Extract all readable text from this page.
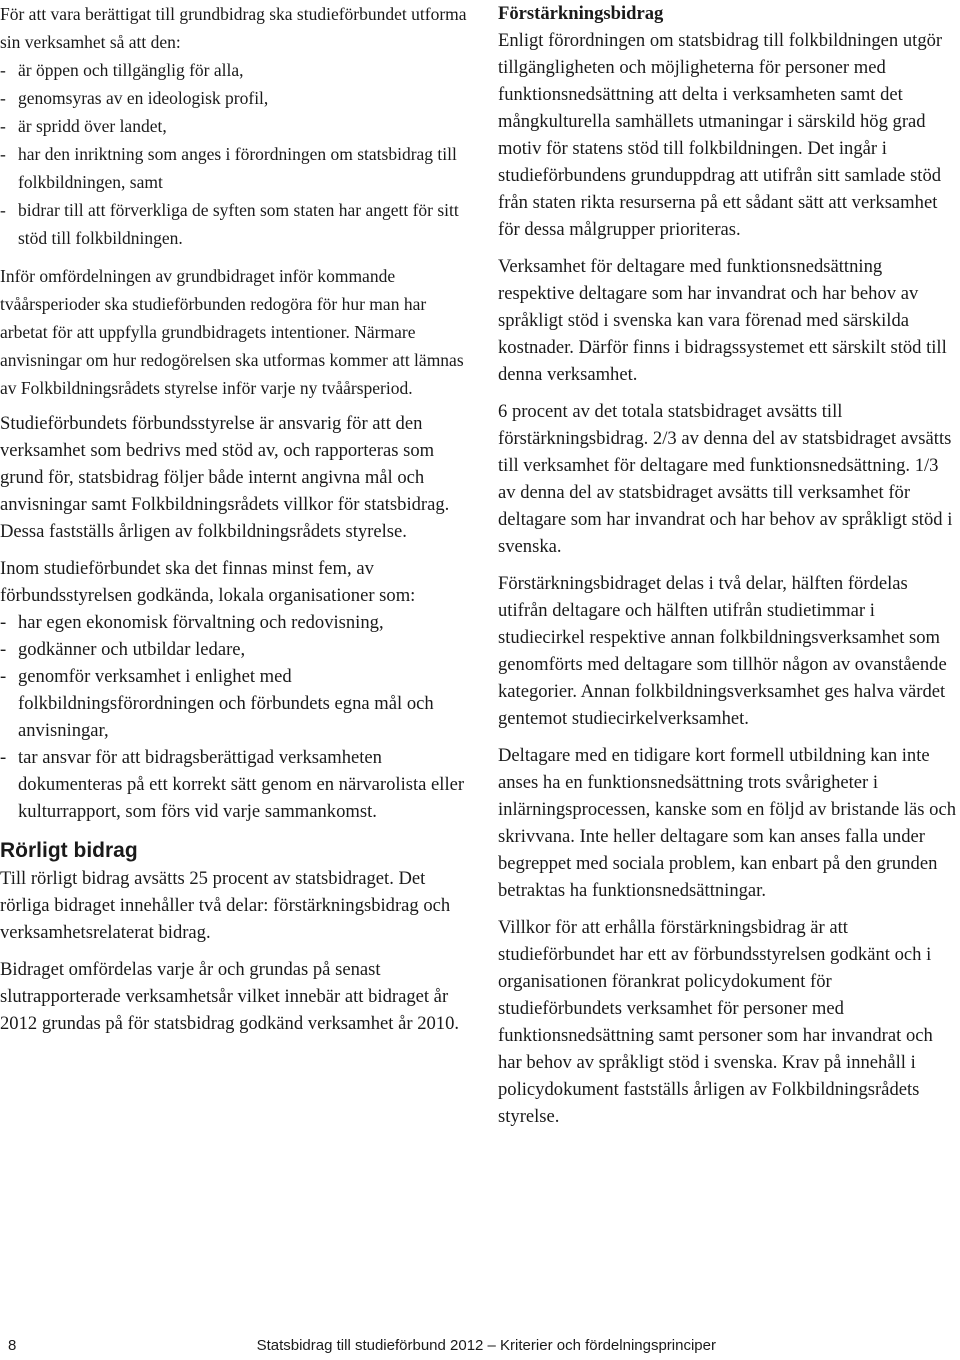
För att vara berättigat till grundbidrag ska studieförbundet utforma sin verksamhet så att den:

- är öppen och tillgänglig för alla,
- genomsyras av en ideologisk profil,
- är spridd över landet,
- har den inriktning som anges i förordningen om statsbidrag till folkbildningen, samt
- bidrar till att förverkliga de syften som staten har angett för sitt stöd till folkbildningen.

Inför omfördelningen av grundbidraget inför kommande tvåårsperioder ska studieförbunden redogöra för hur man har arbetat för att uppfylla grundbidragets intentioner. Närmare anvisningar om hur redogörelsen ska utformas kommer att lämnas av Folkbildningsrådets styrelse inför varje ny tvåårsperiod.

Studieförbundets förbundsstyrelse är ansvarig för att den verksamhet som bedrivs med stöd av, och rapporteras som grund för, statsbidrag följer både internt angivna mål och anvisningar samt Folkbildningsrådets villkor för statsbidrag. Dessa fastställs årligen av folkbildningsrådets styrelse.

Inom studieförbundet ska det finnas minst fem, av förbundsstyrelsen godkända, lokala organisationer som:

- har egen ekonomisk förvaltning och redovisning,
- godkänner och utbildar ledare,
- genomför verksamhet i enlighet med folkbildningsförordningen och förbundets egna mål och anvisningar,
- tar ansvar för att bidragsberättigad verksamheten dokumenteras på ett korrekt sätt genom en närvarolista eller kulturrapport, som förs vid varje sammankomst.
Rörligt bidrag

Till rörligt bidrag avsätts 25 procent av statsbidraget. Det rörliga bidraget innehåller två delar: förstärkningsbidrag och verksamhetsrelaterat bidrag.

Bidraget omfördelas varje år och grundas på senast slutrapporterade verksamhetsår vilket innebär att bidraget år 2012 grundas på för statsbidrag godkänd verksamhet år 2010.

Förstärkningsbidrag

Enligt förordningen om statsbidrag till folkbildningen utgör tillgängligheten och möjligheterna för personer med funktionsnedsättning att delta i verksamheten samt det mångkulturella samhällets utmaningar i särskild hög grad motiv för statens stöd till folkbildningen. Det ingår i studieförbundens grunduppdrag att utifrån sitt samlade stöd från staten rikta resurserna på ett sådant sätt att verksamhet för dessa målgrupper prioriteras.

Verksamhet för deltagare med funktionsnedsättning respektive deltagare som har invandrat och har behov av språkligt stöd i svenska kan vara förenad med särskilda kostnader. Därför finns i bidragssystemet ett särskilt stöd till denna verksamhet.

6 procent av det totala statsbidraget avsätts till förstärkningsbidrag. 2/3 av denna del av statsbidraget avsätts till verksamhet för deltagare med funktionsnedsättning. 1/3 av denna del av statsbidraget avsätts till verksamhet för deltagare som har invandrat och har behov av språkligt stöd i svenska.

Förstärkningsbidraget delas i två delar, hälften fördelas utifrån deltagare och hälften utifrån studietimmar i studiecirkel respektive annan folkbildningsverksamhet som genomförts med deltagare som tillhör någon av ovanstående kategorier. Annan folkbildningsverksamhet ges halva värdet gentemot studiecirkelverksamhet.

Deltagare med en tidigare kort formell utbildning kan inte anses ha en funktionsnedsättning trots svårigheter i inlärningsprocessen, kanske som en följd av bristande läs och skrivvana. Inte heller deltagare som kan anses falla under begreppet med sociala problem, kan enbart på den grunden betraktas ha funktionsnedsättningar.

Villkor för att erhålla förstärkningsbidrag är att studieförbundet har ett av förbundsstyrelsen godkänt och i organisationen förankrat policydokument för studieförbundets verksamhet för personer med funktionsnedsättning samt personer som har invandrat och har behov av språkligt stöd i svenska. Krav på innehåll i policydokument fastställs årligen av Folkbildningsrådets styrelse.

8	Statsbidrag till studieförbund 2012 – Kriterier och fördelningsprinciper
